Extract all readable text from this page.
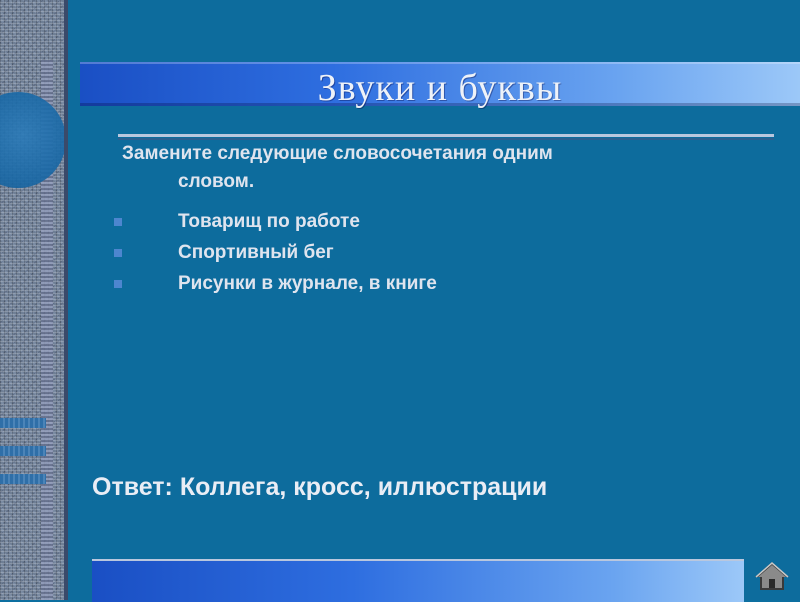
Звуки и буквы
Замените следующие словосочетания одним
словом.
Товарищ по работе
Спортивный бег
Рисунки в журнале, в книге
Ответ: Коллега, кросс, иллюстрации
